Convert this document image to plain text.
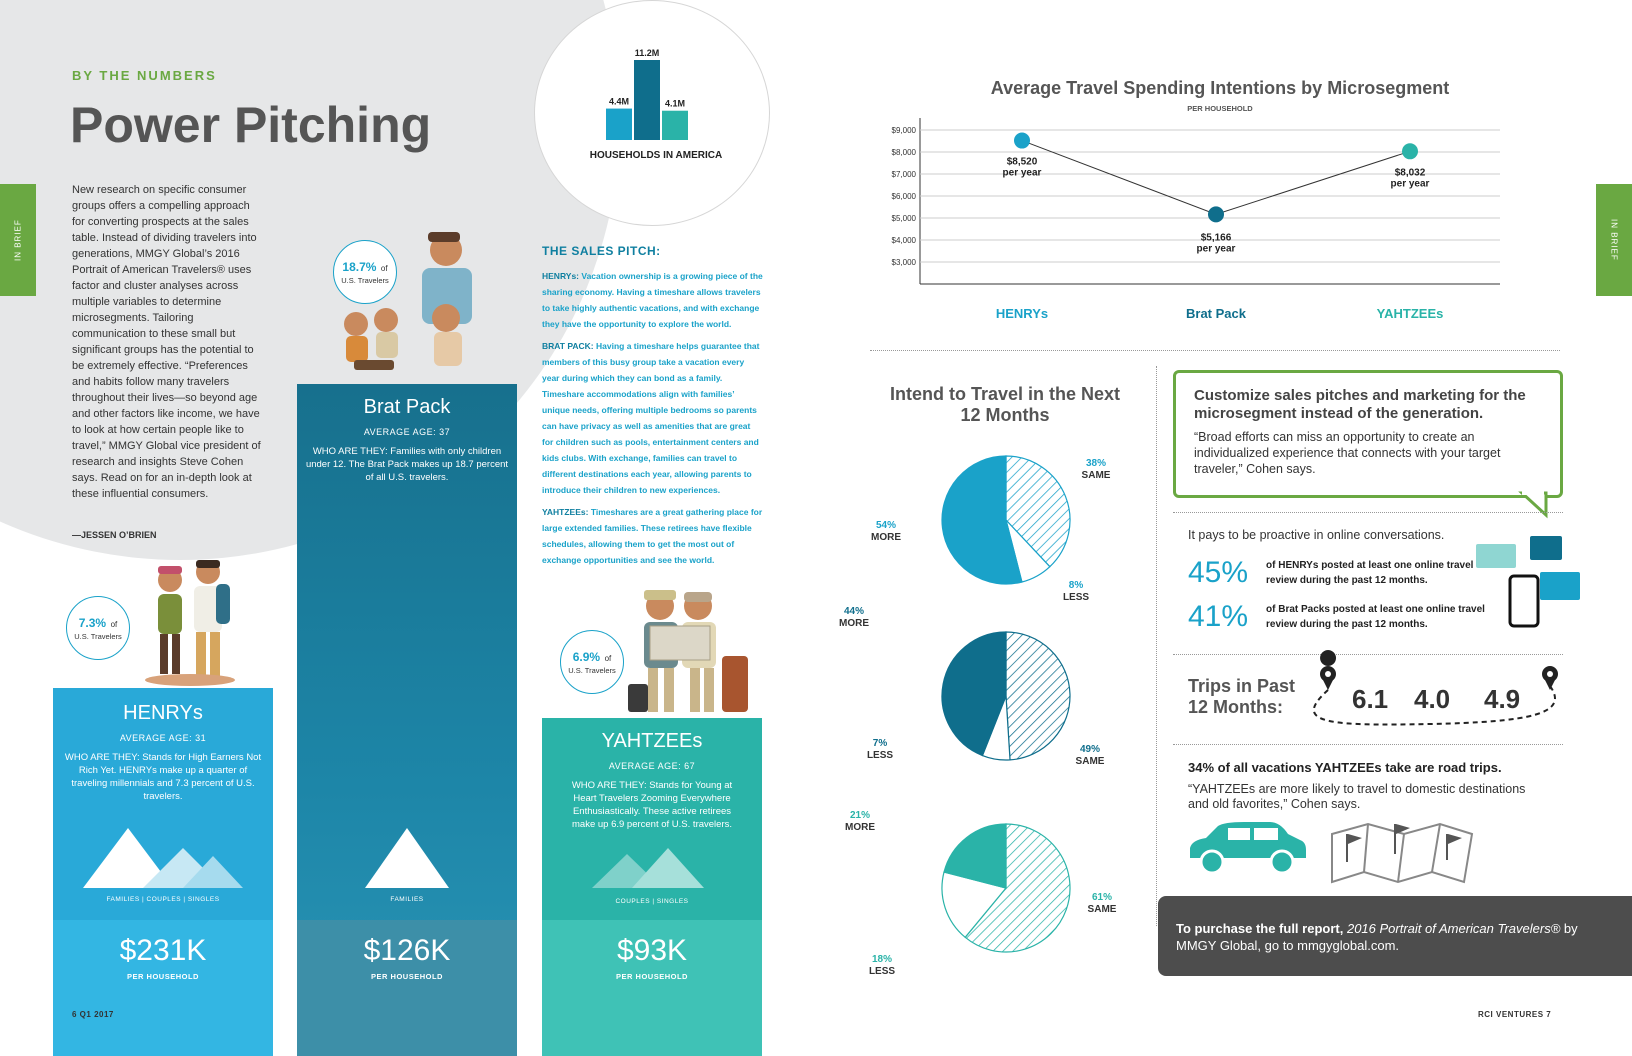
BY THE NUMBERS
Power Pitching
New research on specific consumer groups offers a compelling approach for converting prospects at the sales table. Instead of dividing travelers into generations, MMGY Global’s 2016 Portrait of American Travelers® uses factor and cluster analyses across multiple variables to determine microsegments. Tailoring communication to these small but significant groups has the potential to be extremely effective. “Preferences and habits follow many travelers throughout their lives—so beyond age and other factors like income, we have to look at how certain people like to travel,” MMGY Global vice president of research and insights Steve Cohen says. Read on for an in-depth look at these influential consumers.
—JESSEN O’BRIEN
IN BRIEF	IN BRIEF
4.4M
11.2M
4.1M
HOUSEHOLDS IN AMERICA
7.3% of
U.S. Travelers
18.7% of
U.S. Travelers
6.9% of
U.S. Travelers
HENRYs
AVERAGE AGE: 31
WHO ARE THEY: Stands for High Earners Not Rich Yet. HENRYs make up a quarter of traveling millennials and 7.3 percent of U.S. travelers.
FAMILIES | COUPLES | SINGLES
$231K
PER HOUSEHOLD
Brat Pack
AVERAGE AGE: 37
WHO ARE THEY: Families with only children under 12. The Brat Pack makes up 18.7 percent of all U.S. travelers.
FAMILIES
$126K
PER HOUSEHOLD
YAHTZEEs
AVERAGE AGE: 67
WHO ARE THEY: Stands for Young at Heart Travelers Zooming Everywhere Enthusiastically. These active retirees make up 6.9 percent of U.S. travelers.
COUPLES | SINGLES
$93K
PER HOUSEHOLD
THE SALES PITCH:
HENRYs: Vacation ownership is a growing piece of the sharing economy. Having a timeshare allows travelers to take highly authentic vacations, and with exchange they have the opportunity to explore the world.
BRAT PACK: Having a timeshare helps guarantee that members of this busy group take a vacation every year during which they can bond as a family. Timeshare accommodations align with families’ unique needs, offering multiple bedrooms so parents can have privacy as well as amenities that are great for children such as pools, entertainment centers and kids clubs. With exchange, families can travel to different destinations each year, allowing parents to introduce their children to new experiences.
YAHTZEEs: Timeshares are a great gathering place for large extended families. These retirees have flexible schedules, allowing them to get the most out of exchange opportunities and see the world.
Average Travel Spending Intentions by Microsegment
PER HOUSEHOLD
$9,000
$8,000
$7,000
$6,000
$5,000
$4,000
$3,000
$8,520
per year
$5,166
per year
$8,032
per year
HENRYs	Brat Pack	YAHTZEEs
Intend to Travel in the Next 12 Months
54%
MORE
8%
LESS
38%
SAME
44%
MORE
7%
LESS
49%
SAME
21%
MORE
18%
LESS
61%
SAME
Customize sales pitches and marketing for the microsegment instead of the generation.
“Broad efforts can miss an opportunity to create an individualized experience that connects with your target traveler,” Cohen says.
It pays to be proactive in online conversations.
45% of HENRYs posted at least one online travel review during the past 12 months.
41% of Brat Packs posted at least one online travel review during the past 12 months.
Trips in Past 12 Months:	6.1 4.0 4.9
34% of all vacations YAHTZEEs take are road trips.
“YAHTZEEs are more likely to travel to domestic destinations and old favorites,” Cohen says.
To purchase the full report, 2016 Portrait of American Travelers® by MMGY Global, go to mmgyglobal.com.
6 Q1 2017	RCI VENTURES 7
